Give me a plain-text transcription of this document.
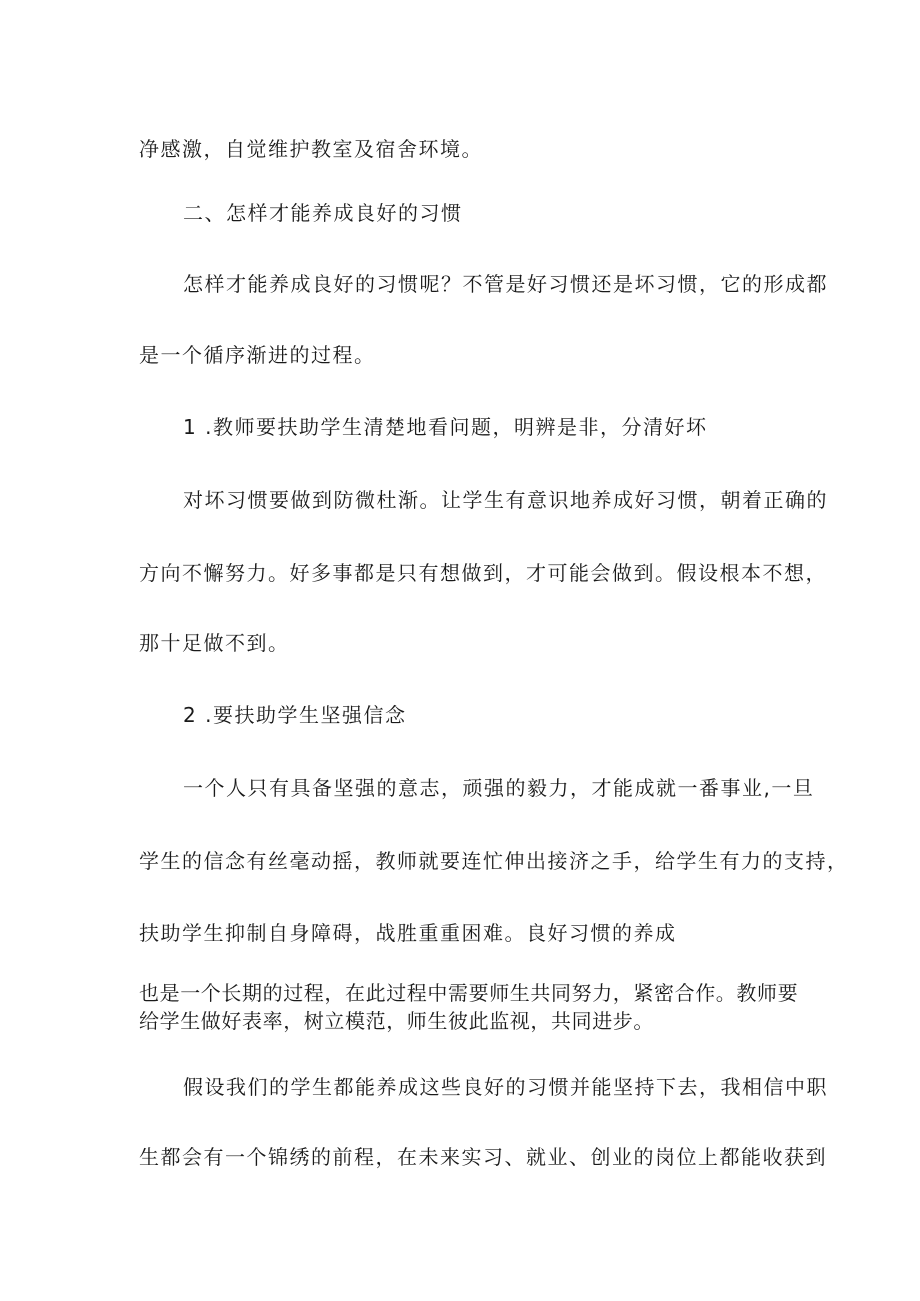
净感激，自觉维护教室及宿舍环境。
二、怎样才能养成良好的习惯
怎样才能养成良好的习惯呢？不管是好习惯还是坏习惯，它的形成都
是一个循序渐进的过程。
1 .教师要扶助学生清楚地看问题，明辨是非，分清好坏
对坏习惯要做到防微杜渐。让学生有意识地养成好习惯，朝着正确的
方向不懈努力。好多事都是只有想做到，才可能会做到。假设根本不想，
那十足做不到。
2 .要扶助学生坚强信念
一个人只有具备坚强的意志，顽强的毅力，才能成就一番事业,一旦
学生的信念有丝毫动摇，教师就要连忙伸出接济之手，给学生有力的支持，
扶助学生抑制自身障碍，战胜重重困难。良好习惯的养成
也是一个长期的过程，在此过程中需要师生共同努力，紧密合作。教师要
给学生做好表率，树立模范，师生彼此监视，共同进步。
假设我们的学生都能养成这些良好的习惯并能坚持下去，我相信中职
生都会有一个锦绣的前程，在未来实习、就业、创业的岗位上都能收获到
